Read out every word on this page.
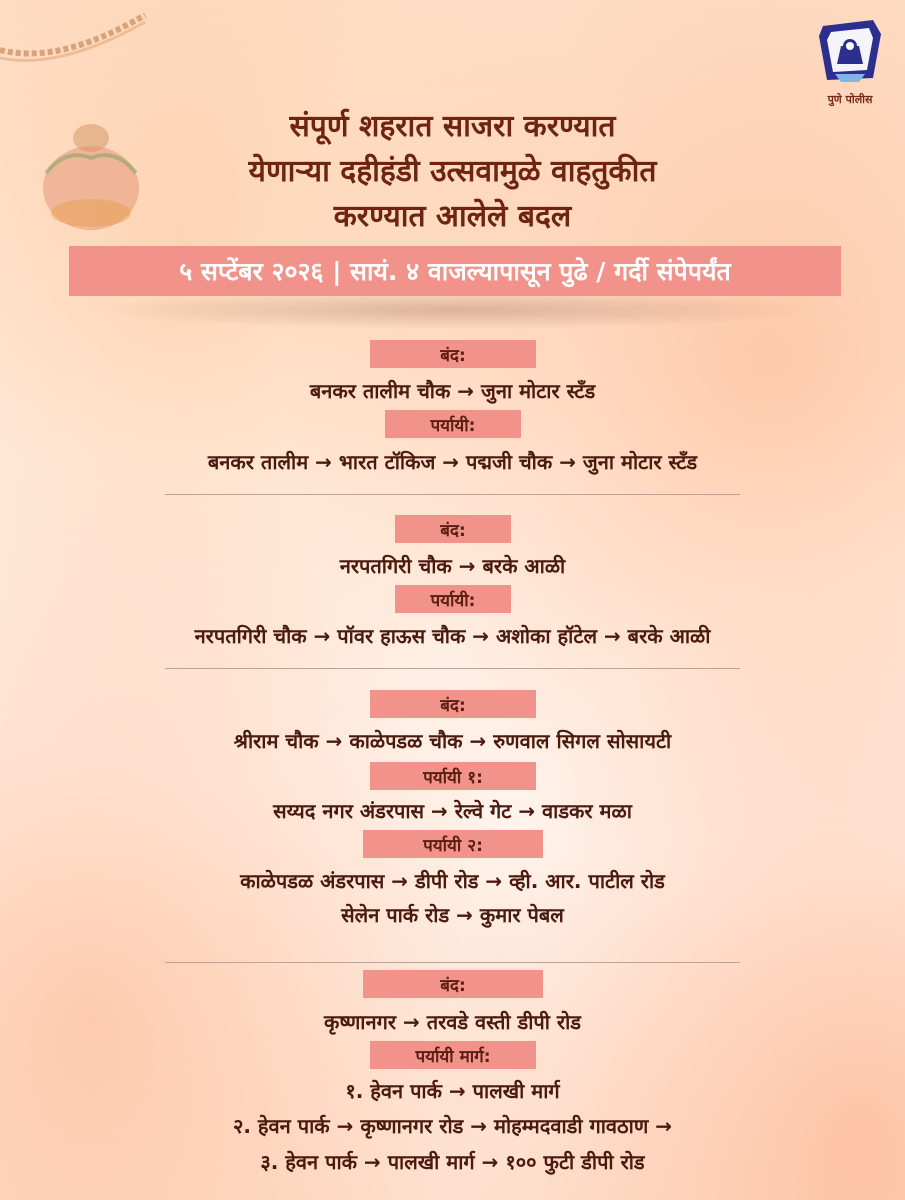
पुणे पोलीस
संपूर्ण शहरात साजरा करण्यात
येणाऱ्या दहीहंडी उत्सवामुळे वाहतुकीत
करण्यात आलेले बदल
५ सप्टेंबर २०२६ | सायं. ४ वाजल्यापासून पुढे / गर्दी संपेपर्यंत
बंद:
बनकर तालीम चौक → जुना मोटार स्टँड
पर्यायी:
बनकर तालीम → भारत टॉकिज → पद्मजी चौक → जुना मोटार स्टँड
बंद:
नरपतगिरी चौक → बरके आळी
पर्यायी:
नरपतगिरी चौक → पॉवर हाऊस चौक → अशोका हॉटेल → बरके आळी
बंद:
श्रीराम चौक → काळेपडळ चौक → रुणवाल सिगल सोसायटी
पर्यायी १:
सय्यद नगर अंडरपास → रेल्वे गेट → वाडकर मळा
पर्यायी २:
काळेपडळ अंडरपास → डीपी रोड → व्ही. आर. पाटील रोड
सेलेन पार्क रोड → कुमार पेबल
बंद:
कृष्णानगर → तरवडे वस्ती डीपी रोड
पर्यायी मार्ग:
१. हेवन पार्क → पालखी मार्ग
२. हेवन पार्क → कृष्णानगर रोड → मोहम्मदवाडी गावठाण →
३. हेवन पार्क → पालखी मार्ग → १०० फुटी डीपी रोड
